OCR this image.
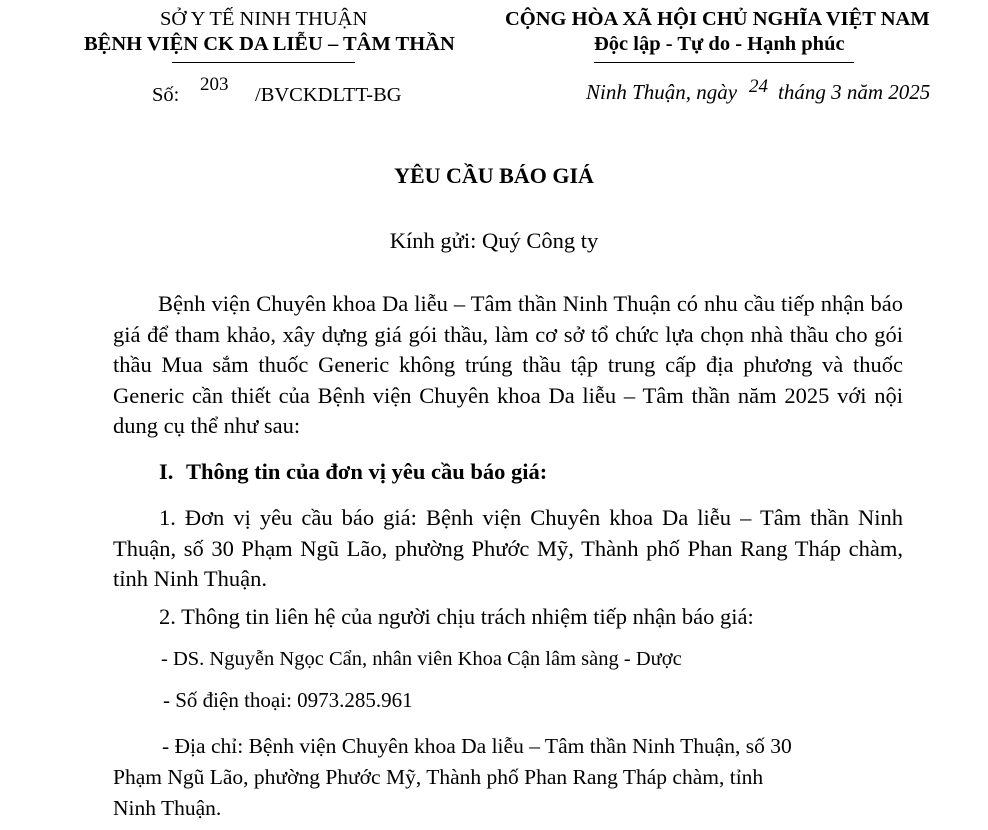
SỞ Y TẾ NINH THUẬN
BỆNH VIỆN CK DA LIỄU – TÂM THẦN
Số: 203 /BVCKDLTT-BG
CỘNG HÒA XÃ HỘI CHỦ NGHĨA VIỆT NAM
Độc lập - Tự do - Hạnh phúc
Ninh Thuận, ngày 24 tháng 3 năm 2025
YÊU CẦU BÁO GIÁ
Kính gửi: Quý Công ty
Bệnh viện Chuyên khoa Da liễu – Tâm thần Ninh Thuận có nhu cầu tiếp nhận báo giá để tham khảo, xây dựng giá gói thầu, làm cơ sở tổ chức lựa chọn nhà thầu cho gói thầu Mua sắm thuốc Generic không trúng thầu tập trung cấp địa phương và thuốc Generic cần thiết của Bệnh viện Chuyên khoa Da liễu – Tâm thần năm 2025 với nội dung cụ thể như sau:
I. Thông tin của đơn vị yêu cầu báo giá:
1. Đơn vị yêu cầu báo giá: Bệnh viện Chuyên khoa Da liễu – Tâm thần Ninh Thuận, số 30 Phạm Ngũ Lão, phường Phước Mỹ, Thành phố Phan Rang Tháp chàm, tỉnh Ninh Thuận.
2. Thông tin liên hệ của người chịu trách nhiệm tiếp nhận báo giá:
- DS. Nguyễn Ngọc Cẩn, nhân viên Khoa Cận lâm sàng - Dược
- Số điện thoại: 0973.285.961
- Địa chỉ: Bệnh viện Chuyên khoa Da liễu – Tâm thần Ninh Thuận, số 30
Phạm Ngũ Lão, phường Phước Mỹ, Thành phố Phan Rang Tháp chàm, tỉnh
Ninh Thuận.
